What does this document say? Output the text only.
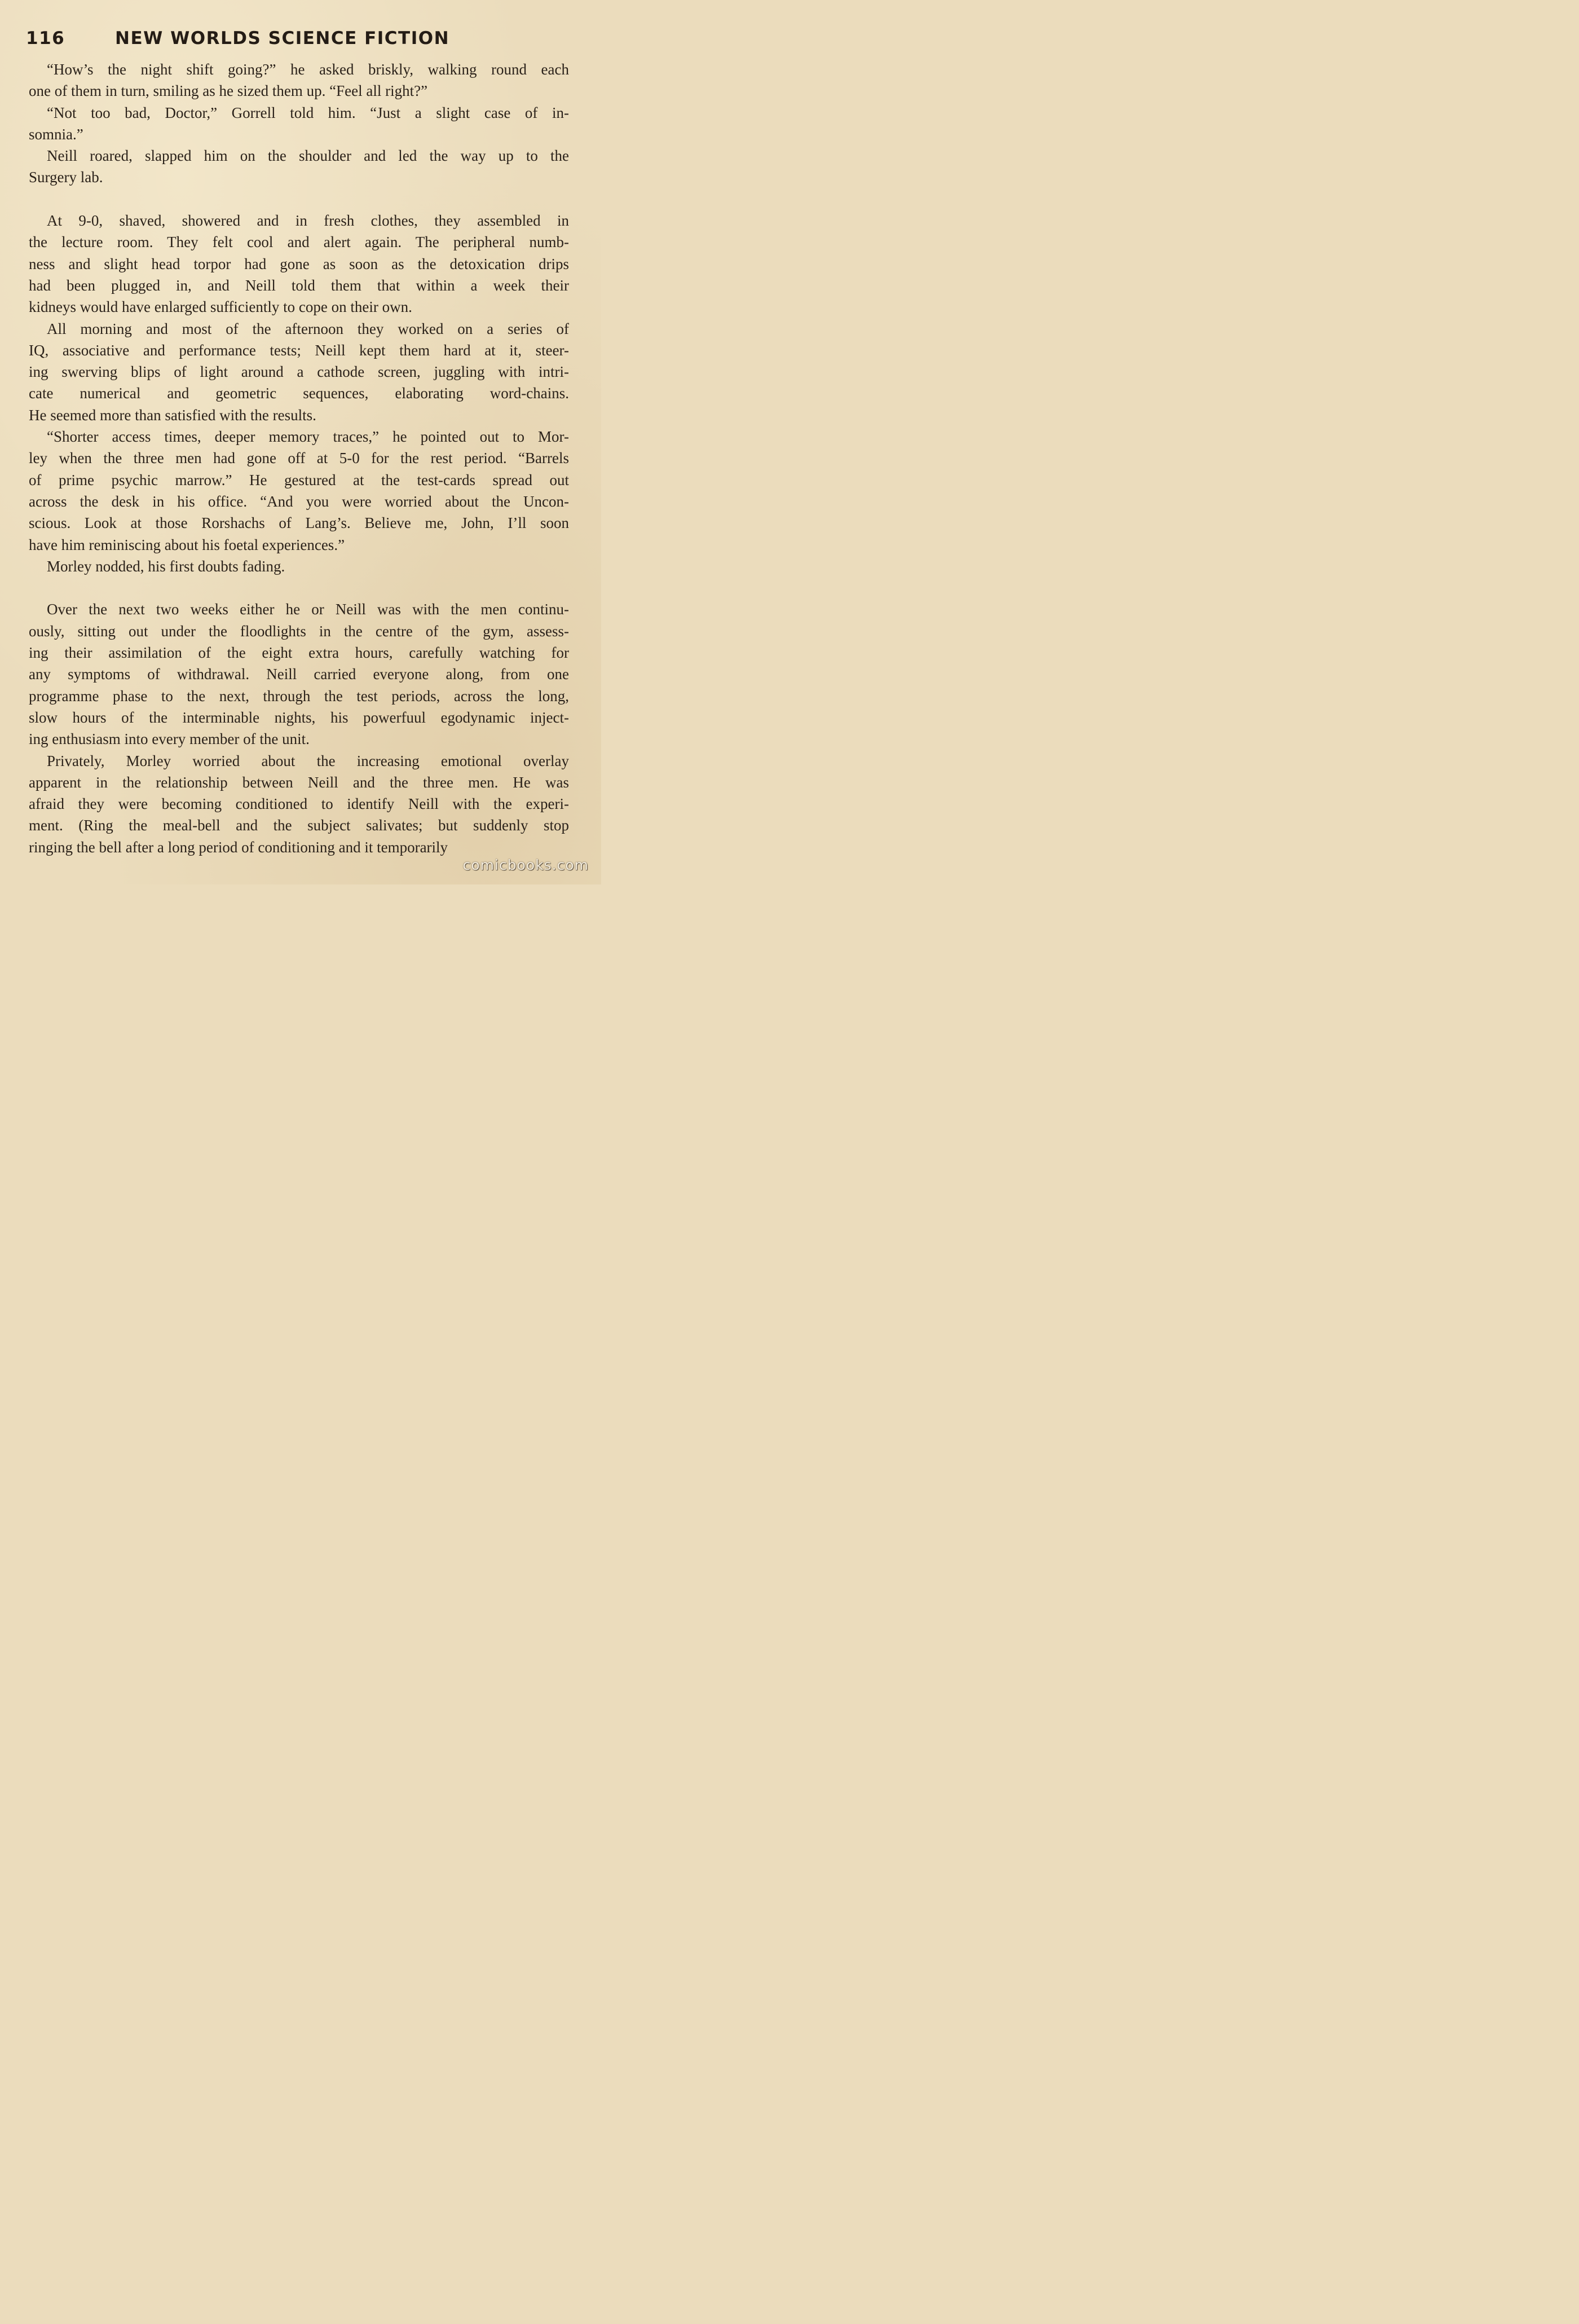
116	NEW WORLDS SCIENCE FICTION
“How’s the night shift going?” he asked briskly, walking round each
one of them in turn, smiling as he sized them up. “Feel all right?”
“Not too bad, Doctor,” Gorrell told him. “Just a slight case of in-
somnia.”
Neill roared, slapped him on the shoulder and led the way up to the
Surgery lab.
At 9-0, shaved, showered and in fresh clothes, they assembled in
the lecture room. They felt cool and alert again. The peripheral numb-
ness and slight head torpor had gone as soon as the detoxication drips
had been plugged in, and Neill told them that within a week their
kidneys would have enlarged sufficiently to cope on their own.
All morning and most of the afternoon they worked on a series of
IQ, associative and performance tests; Neill kept them hard at it, steer-
ing swerving blips of light around a cathode screen, juggling with intri-
cate numerical and geometric sequences, elaborating word-chains.
He seemed more than satisfied with the results.
“Shorter access times, deeper memory traces,” he pointed out to Mor-
ley when the three men had gone off at 5-0 for the rest period. “Barrels
of prime psychic marrow.” He gestured at the test-cards spread out
across the desk in his office. “And you were worried about the Uncon-
scious. Look at those Rorshachs of Lang’s. Believe me, John, I’ll soon
have him reminiscing about his foetal experiences.”
Morley nodded, his first doubts fading.
Over the next two weeks either he or Neill was with the men continu-
ously, sitting out under the floodlights in the centre of the gym, assess-
ing their assimilation of the eight extra hours, carefully watching for
any symptoms of withdrawal. Neill carried everyone along, from one
programme phase to the next, through the test periods, across the long,
slow hours of the interminable nights, his powerfuul egodynamic inject-
ing enthusiasm into every member of the unit.
Privately, Morley worried about the increasing emotional overlay
apparent in the relationship between Neill and the three men. He was
afraid they were becoming conditioned to identify Neill with the experi-
ment. (Ring the meal-bell and the subject salivates; but suddenly stop
ringing the bell after a long period of conditioning and it temporarily
comicbooks.com
